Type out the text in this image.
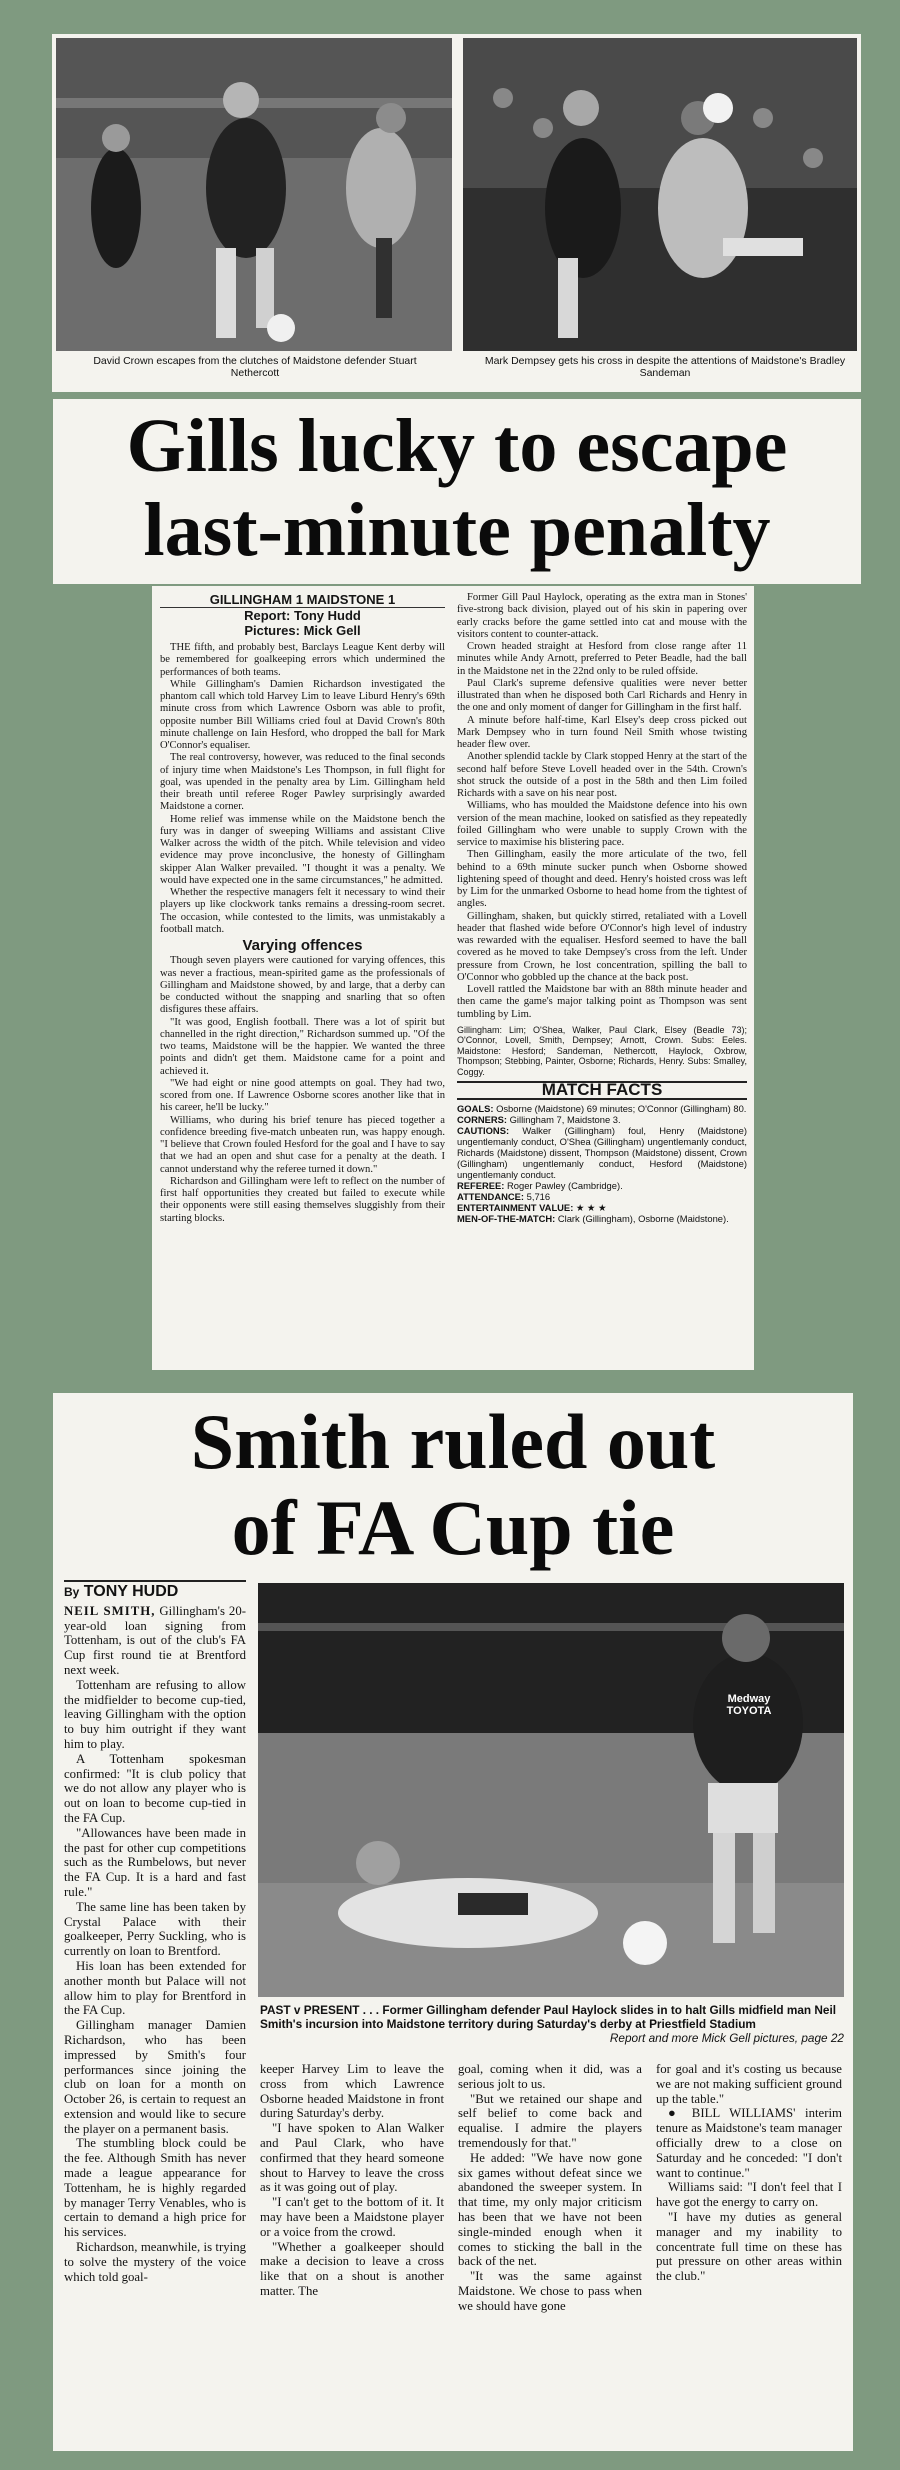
David Crown escapes from the clutches of Maidstone defender Stuart Nethercott
Mark Dempsey gets his cross in despite the attentions of Maidstone's Bradley Sandeman
Gills lucky to escape
last-minute penalty
GILLINGHAM 1 MAIDSTONE 1
Report: Tony Hudd
Pictures: Mick Gell

THE fifth, and probably best, Barclays League Kent derby will be remembered for goalkeeping errors which undermined the performances of both teams.

While Gillingham's Damien Richardson investigated the phantom call which told Harvey Lim to leave Liburd Henry's 69th minute cross from which Lawrence Osborn was able to profit, opposite number Bill Williams cried foul at David Crown's 80th minute challenge on Iain Hesford, who dropped the ball for Mark O'Connor's equaliser.

The real controversy, however, was reduced to the final seconds of injury time when Maidstone's Les Thompson, in full flight for goal, was upended in the penalty area by Lim. Gillingham held their breath until referee Roger Pawley surprisingly awarded Maidstone a corner.

Home relief was immense while on the Maidstone bench the fury was in danger of sweeping Williams and assistant Clive Walker across the width of the pitch. While television and video evidence may prove inconclusive, the honesty of Gillingham skipper Alan Walker prevailed. "I thought it was a penalty. We would have expected one in the same circumstances," he admitted.

Whether the respective managers felt it necessary to wind their players up like clockwork tanks remains a dressing-room secret. The occasion, while contested to the limits, was unmistakably a football match.

Varying offences

Though seven players were cautioned for varying offences, this was never a fractious, mean-spirited game as the professionals of Gillingham and Maidstone showed, by and large, that a derby can be conducted without the snapping and snarling that so often disfigures these affairs.

"It was good, English football. There was a lot of spirit but channelled in the right direction," Richardson summed up. "Of the two teams, Maidstone will be the happier. We wanted the three points and didn't get them. Maidstone came for a point and achieved it.

"We had eight or nine good attempts on goal. They had two, scored from one. If Lawrence Osborne scores another like that in his career, he'll be lucky."

Williams, who during his brief tenure has pieced together a confidence breeding five-match unbeaten run, was happy enough. "I believe that Crown fouled Hesford for the goal and I have to say that we had an open and shut case for a penalty at the death. I cannot understand why the referee turned it down."

Richardson and Gillingham were left to reflect on the number of first half opportunities they created but failed to execute while their opponents were still easing themselves sluggishly from their starting blocks.

Former Gill Paul Haylock, operating as the extra man in Stones' five-strong back division, played out of his skin in papering over early cracks before the game settled into cat and mouse with the visitors content to counter-attack.

Crown headed straight at Hesford from close range after 11 minutes while Andy Arnott, preferred to Peter Beadle, had the ball in the Maidstone net in the 22nd only to be ruled offside.

Paul Clark's supreme defensive qualities were never better illustrated than when he disposed both Carl Richards and Henry in the one and only moment of danger for Gillingham in the first half.

A minute before half-time, Karl Elsey's deep cross picked out Mark Dempsey who in turn found Neil Smith whose twisting header flew over.

Another splendid tackle by Clark stopped Henry at the start of the second half before Steve Lovell headed over in the 54th. Crown's shot struck the outside of a post in the 58th and then Lim foiled Richards with a save on his near post.

Williams, who has moulded the Maidstone defence into his own version of the mean machine, looked on satisfied as they repeatedly foiled Gillingham who were unable to supply Crown with the service to maximise his blistering pace.

Then Gillingham, easily the more articulate of the two, fell behind to a 69th minute sucker punch when Osborne showed lightening speed of thought and deed. Henry's hoisted cross was left by Lim for the unmarked Osborne to head home from the tightest of angles.

Gillingham, shaken, but quickly stirred, retaliated with a Lovell header that flashed wide before O'Connor's high level of industry was rewarded with the equaliser. Hesford seemed to have the ball covered as he moved to take Dempsey's cross from the left. Under pressure from Crown, he lost concentration, spilling the ball to O'Connor who gobbled up the chance at the back post.

Lovell rattled the Maidstone bar with an 88th minute header and then came the game's major talking point as Thompson was sent tumbling by Lim.

Gillingham: Lim; O'Shea, Walker, Paul Clark, Elsey (Beadle 73); O'Connor, Lovell, Smith, Dempsey; Arnott, Crown. Subs: Eeles. Maidstone: Hesford; Sandeman, Nethercott, Haylock, Oxbrow, Thompson; Stebbing, Painter, Osborne; Richards, Henry. Subs: Smalley, Coggy.
MATCH FACTS
GOALS: Osborne (Maidstone) 69 minutes; O'Connor (Gillingham) 80.
CORNERS: Gillingham 7, Maidstone 3.
CAUTIONS: Walker (Gillingham) foul, Henry (Maidstone) ungentlemanly conduct, O'Shea (Gillingham) ungentlemanly conduct, Richards (Maidstone) dissent, Thompson (Maidstone) dissent, Crown (Gillingham) ungentlemanly conduct, Hesford (Maidstone) ungentlemanly conduct.
REFEREE: Roger Pawley (Cambridge).
ATTENDANCE: 5,716
ENTERTAINMENT VALUE: ★ ★ ★
MEN-OF-THE-MATCH: Clark (Gillingham), Osborne (Maidstone).
Smith ruled out
of FA Cup tie
By TONY HUDD

NEIL SMITH, Gillingham's 20-year-old loan signing from Tottenham, is out of the club's FA Cup first round tie at Brentford next week.

Tottenham are refusing to allow the midfielder to become cup-tied, leaving Gillingham with the option to buy him outright if they want him to play.

A Tottenham spokesman confirmed: "It is club policy that we do not allow any player who is out on loan to become cup-tied in the FA Cup.

"Allowances have been made in the past for other cup competitions such as the Rumbelows, but never the FA Cup. It is a hard and fast rule."

The same line has been taken by Crystal Palace with their goalkeeper, Perry Suckling, who is currently on loan to Brentford.

His loan has been extended for another month but Palace will not allow him to play for Brentford in the FA Cup.

Gillingham manager Damien Richardson, who has been impressed by Smith's four performances since joining the club on loan for a month on October 26, is certain to request an extension and would like to secure the player on a permanent basis.

The stumbling block could be the fee. Although Smith has never made a league appearance for Tottenham, he is highly regarded by manager Terry Venables, who is certain to demand a high price for his services.

Richardson, meanwhile, is trying to solve the mystery of the voice which told goal-

Medway TOYOTA
PAST v PRESENT . . . Former Gillingham defender Paul Haylock slides in to halt Gills midfield man Neil Smith's incursion into Maidstone territory during Saturday's derby at Priestfield Stadium
Report and more Mick Gell pictures, page 22

keeper Harvey Lim to leave the cross from which Lawrence Osborne headed Maidstone in front during Saturday's derby.

"I have spoken to Alan Walker and Paul Clark, who have confirmed that they heard someone shout to Harvey to leave the cross as it was going out of play.

"I can't get to the bottom of it. It may have been a Maidstone player or a voice from the crowd.

"Whether a goalkeeper should make a decision to leave a cross like that on a shout is another matter. The

goal, coming when it did, was a serious jolt to us.

"But we retained our shape and self belief to come back and equalise. I admire the players tremendously for that."

He added: "We have now gone six games without defeat since we abandoned the sweeper system. In that time, my only major criticism has been that we have not been single-minded enough when it comes to sticking the ball in the back of the net.

"It was the same against Maidstone. We chose to pass when we should have gone

for goal and it's costing us because we are not making sufficient ground up the table."

● BILL WILLIAMS' interim tenure as Maidstone's team manager officially drew to a close on Saturday and he conceded: "I don't want to continue."

Williams said: "I don't feel that I have got the energy to carry on.

"I have my duties as general manager and my inability to concentrate full time on these has put pressure on other areas within the club."
